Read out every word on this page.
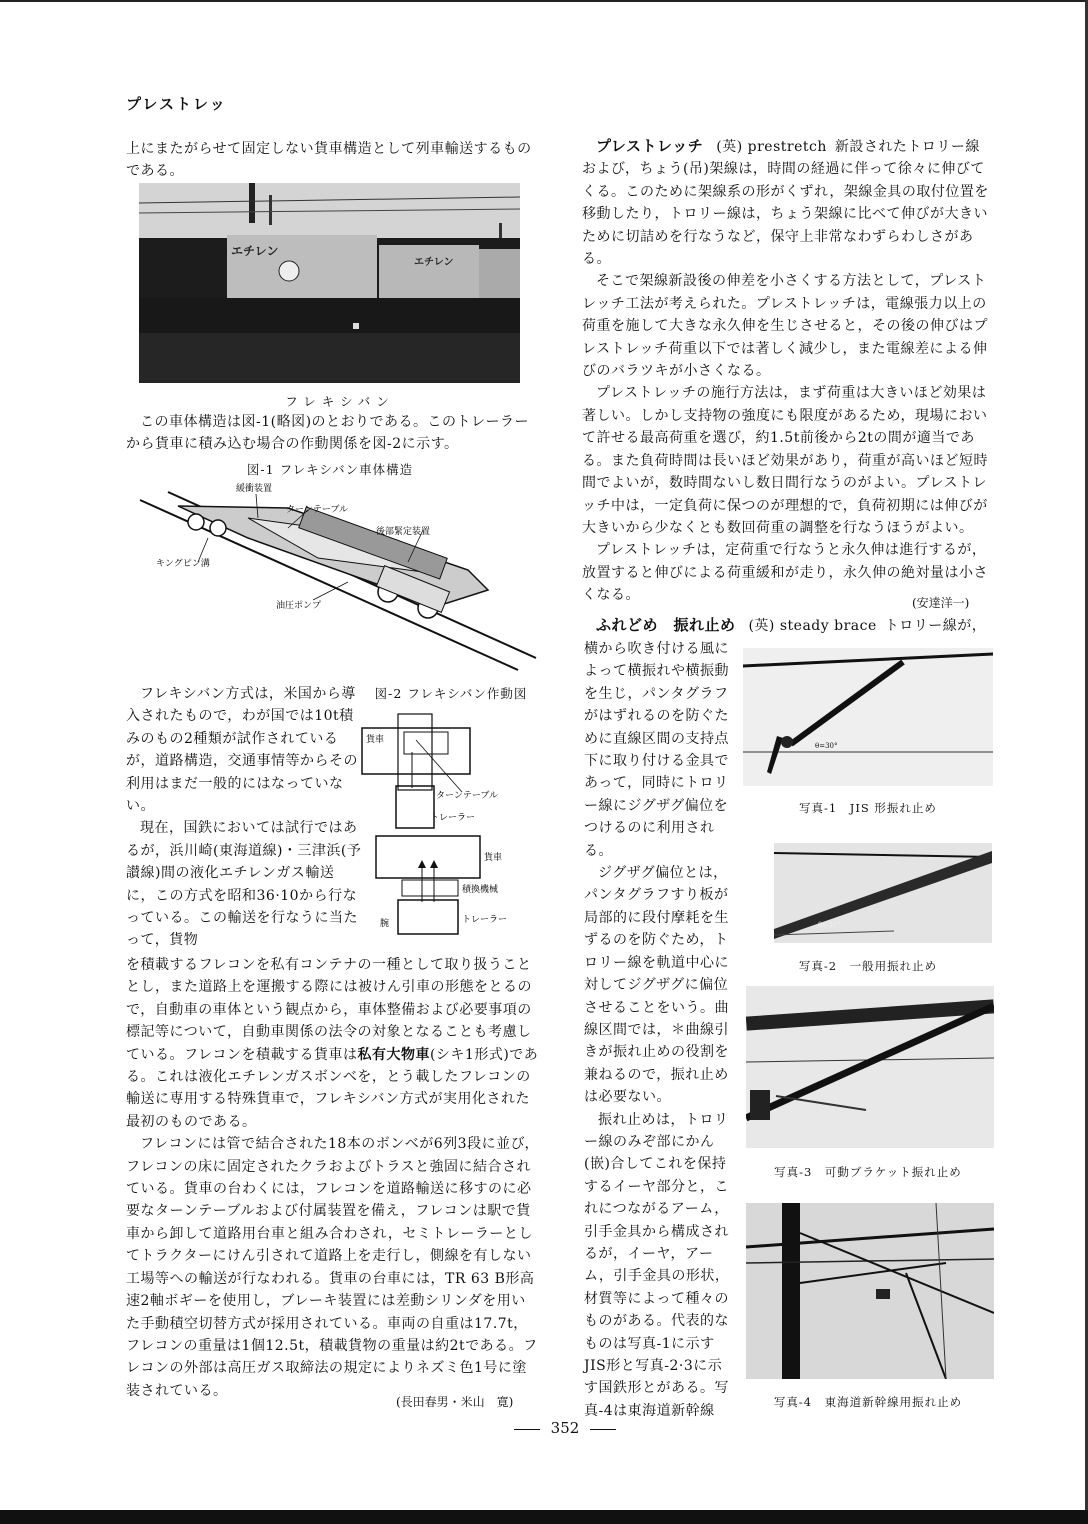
プレストレッ

上にまたがらせて固定しない貨車構造として列車輸送するものである。

エチレン
エチレン
フレキシバン

この車体構造は図-1(略図)のとおりである。このトレーラーから貨車に積み込む場合の作動関係を図-2に示す。

図-1 フレキシバン車体構造
緩衝装置
ターンテーブル
後部緊定装置
キングピン溝
油圧ポンプ

フレキシバン方式は，米国から導入されたもので，わが国では10t積みのもの2種類が試作されているが，道路構造，交通事情等からその利用はまだ一般的にはなっていない。

現在，国鉄においては試行ではあるが，浜川崎(東海道線)・三津浜(予讃線)間の液化エチレンガス輸送に，この方式を昭和36·10から行なっている。この輸送を行なうに当たって，貨物

図-2 フレキシバン作動図
貨車
ターンテーブル
トレーラー
貨車
積換機械
腕	トレーラー

を積載するフレコンを私有コンテナの一種として取り扱うこととし，また道路上を運搬する際には被けん引車の形態をとるので，自動車の車体という観点から，車体整備および必要事項の標記等について，自動車関係の法令の対象となることも考慮している。フレコンを積載する貨車は私有大物車(シキ1形式)である。これは液化エチレンガスボンベを，とう載したフレコンの輸送に専用する特殊貨車で，フレキシバン方式が実用化された最初のものである。

フレコンには管で結合された18本のボンベが6列3段に並び，フレコンの床に固定されたクラおよびトラスと強固に結合されている。貨車の台わくには，フレコンを道路輸送に移すのに必要なターンテーブルおよび付属装置を備え，フレコンは駅で貨車から卸して道路用台車と組み合わされ，セミトレーラーとしてトラクターにけん引されて道路上を走行し，側線を有しない工場等への輸送が行なわれる。貨車の台車には，TR 63 B形高速2軸ボギーを使用し，ブレーキ装置には差動シリンダを用いた手動積空切替方式が採用されている。車両の自重は17.7t，フレコンの重量は1個12.5t，積載貨物の重量は約2tである。フレコンの外部は高圧ガス取締法の規定によりネズミ色1号に塗装されている。

(長田春男・米山　寛)

プレストレッチ (英) prestretch 新設されたトロリー線および，ちょう(吊)架線は，時間の経過に伴って徐々に伸びてくる。このために架線系の形がくずれ，架線金具の取付位置を移動したり，トロリー線は，ちょう架線に比べて伸びが大きいために切詰めを行なうなど，保守上非常なわずらわしさがある。

そこで架線新設後の伸差を小さくする方法として，プレストレッチ工法が考えられた。プレストレッチは，電線張力以上の荷重を施して大きな永久伸を生じさせると，その後の伸びはプレストレッチ荷重以下では著しく減少し，また電線差による伸びのバラツキが小さくなる。

プレストレッチの施行方法は，まず荷重は大きいほど効果は著しい。しかし支持物の強度にも限度があるため，現場において許せる最高荷重を選び，約1.5t前後から2tの間が適当である。また負荷時間は長いほど効果があり，荷重が高いほど短時間でよいが，数時間ないし数日間行なうのがよい。プレストレッチ中は，一定負荷に保つのが理想的で，負荷初期には伸びが大きいから少なくとも数回荷重の調整を行なうほうがよい。

プレストレッチは，定荷重で行なうと永久伸は進行するが，放置すると伸びによる荷重緩和が走り，永久伸の絶対量は小さくなる。	(安達洋一)
ふれどめ　振れ止め (英) steady brace トロリー線が，

横から吹き付ける風によって横振れや横振動を生じ，パンタグラフがはずれるのを防ぐために直線区間の支持点下に取り付ける金具であって，同時にトロリー線にジグザグ偏位をつけるのに利用される。

ジグザグ偏位とは，パンタグラフすり板が局部的に段付摩耗を生ずるのを防ぐため，トロリー線を軌道中心に対してジグザグに偏位させることをいう。曲線区間では，＊曲線引きが振れ止めの役割を兼ねるので，振れ止めは必要ない。

振れ止めは，トロリー線のみぞ部にかん(嵌)合してこれを保持するイーヤ部分と，これにつながるアーム，引手金具から構成されるが，イーヤ，アーム，引手金具の形状，材質等によって種々のものがある。代表的なものは写真-1に示すJIS形と写真-2·3に示す国鉄形とがある。写真-4は東海道新幹線

θ=30°
写真-1　JIS 形振れ止め
θ=30°
写真-2　一般用振れ止め
写真-3　可動ブラケット振れ止め
写真-4　東海道新幹線用振れ止め
352
